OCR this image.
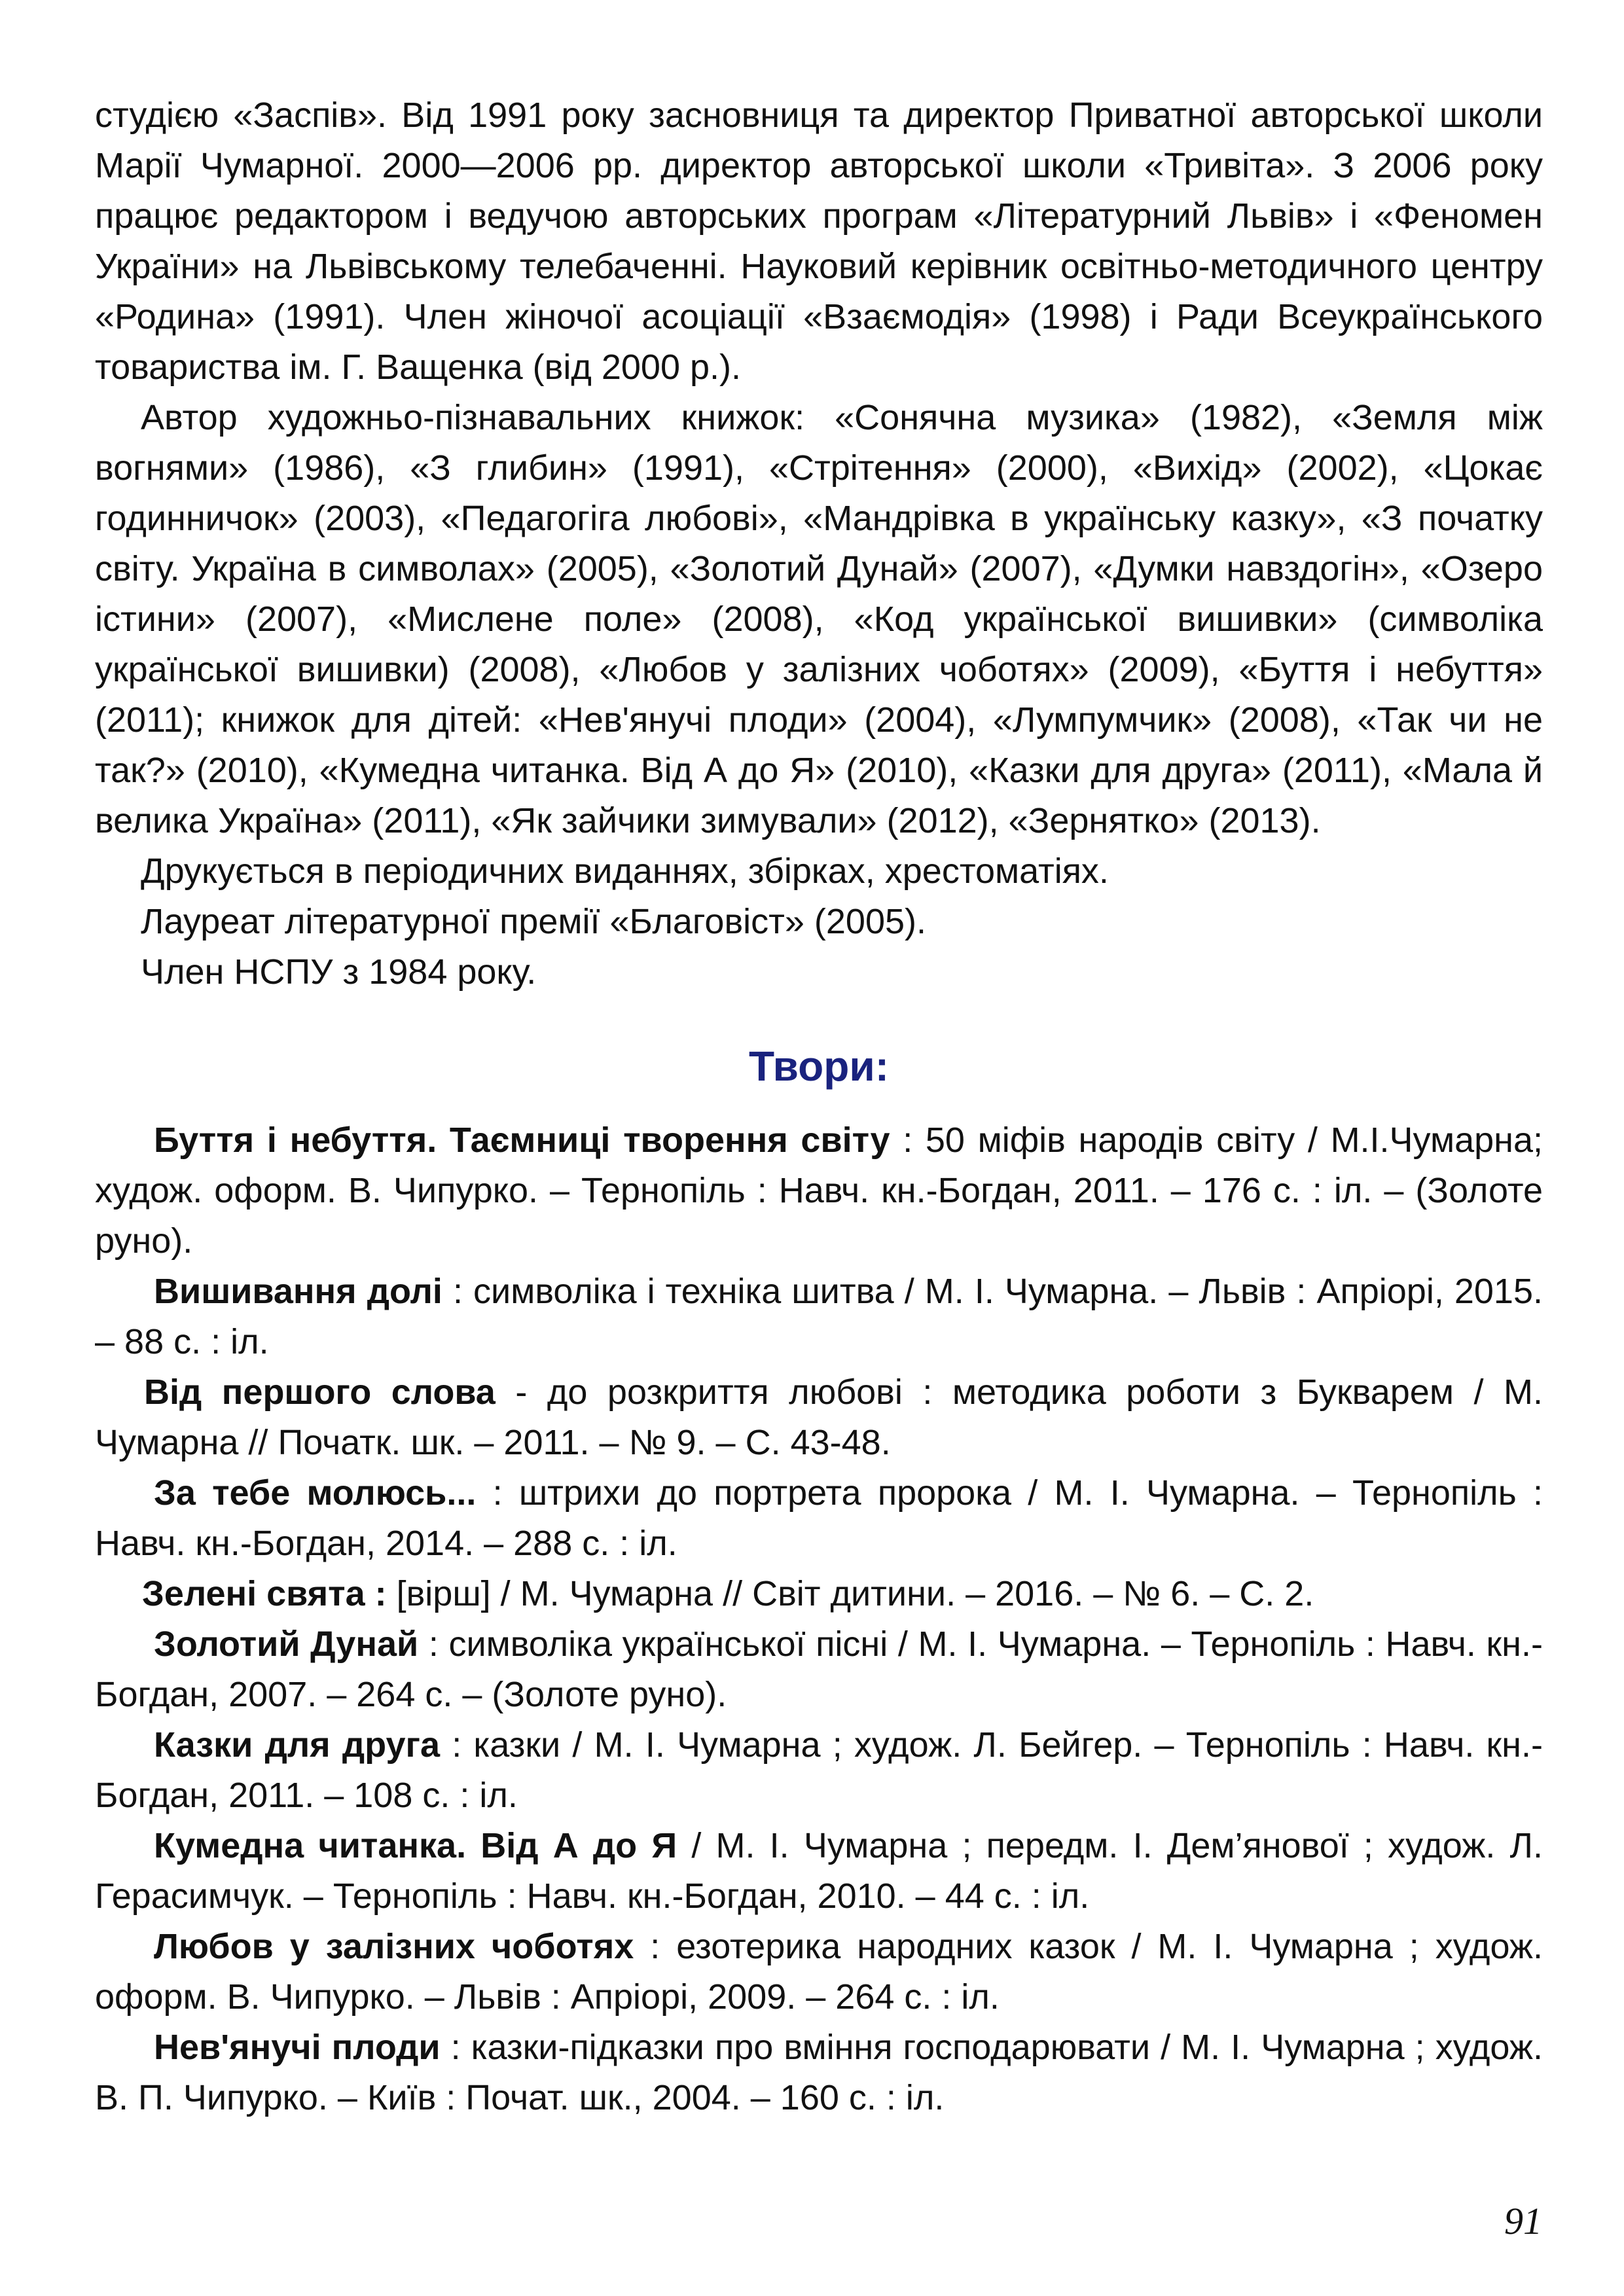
студією «Заспів». Від 1991 року засновниця та директор Приватної авторської школи Марії Чумарної. 2000—2006 рр. директор авторської школи «Тривіта». З 2006 року працює редактором і ведучою авторських програм «Літературний Львів» і «Феномен України» на Львівському телебаченні. Науковий керівник освітньо-методичного центру «Родина» (1991). Член жіночої асоціації «Взаємодія» (1998) і Ради Всеукраїнського товариства ім. Г. Ващенка (від 2000 р.).

Автор художньо-пізнавальних книжок: «Сонячна музика» (1982), «Земля між вогнями» (1986), «З глибин» (1991), «Стрітення» (2000), «Вихід» (2002), «Цокає годинничок» (2003), «Педагогіга любові», «Мандрівка в українську казку», «З початку світу. Україна в символах» (2005), «Золотий Дунай» (2007), «Думки навздогін», «Озеро істини» (2007), «Мислене поле» (2008), «Код української вишивки» (символіка української вишивки) (2008), «Любов у залізних чоботях» (2009), «Буття і небуття» (2011); книжок для дітей: «Нев'янучі плоди» (2004), «Лумпумчик» (2008), «Так чи не так?» (2010), «Кумедна читанка. Від А до Я» (2010), «Казки для друга» (2011), «Мала й велика Україна» (2011), «Як зайчики зимували» (2012), «Зернятко» (2013).

Друкується в періодичних виданнях, збірках, хрестоматіях.

Лауреат літературної премії «Благовіст» (2005).

Член НСПУ з 1984 року.

Твори:

Буття і небуття. Таємниці творення світу : 50 міфів народів світу / М.І.Чумарна; худож. оформ. В. Чипурко. – Тернопіль : Навч. кн.-Богдан, 2011. – 176 с. : іл. – (Золоте руно).

Вишивання долі : символіка і техніка шитва / М. І. Чумарна. – Львів : Апріорі, 2015. – 88 с. : іл.

Від першого слова - до розкриття любові : методика роботи з Букварем / М. Чумарна // Початк. шк. – 2011. – № 9. – С. 43-48.

За тебе молюсь... : штрихи до портрета пророка / М. І. Чумарна. – Тернопіль : Навч. кн.-Богдан, 2014. – 288 с. : іл.

Зелені свята : [вірш] / М. Чумарна // Світ дитини. – 2016. – № 6. – С. 2.

Золотий Дунай : символіка української пісні / М. І. Чумарна. – Тернопіль : Навч. кн.-Богдан, 2007. – 264 с. – (Золоте руно).

Казки для друга : казки / М. І. Чумарна ; худож. Л. Бейгер. – Тернопіль : Навч. кн.-Богдан, 2011. – 108 с. : іл.

Кумедна читанка. Від А до Я / М. І. Чумарна ; передм. І. Дем’янової ; худож. Л. Герасимчук. – Тернопіль : Навч. кн.-Богдан, 2010. – 44 с. : іл.

Любов у залізних чоботях : езотерика народних казок / М. І. Чумарна ; худож. оформ. В. Чипурко. – Львів : Апріорі, 2009. – 264 с. : іл.

Нев'янучі плоди : казки-підказки про вміння господарювати / М. І. Чумарна ; худож. В. П. Чипурко. – Київ : Почат. шк., 2004. – 160 с. : іл.

91
